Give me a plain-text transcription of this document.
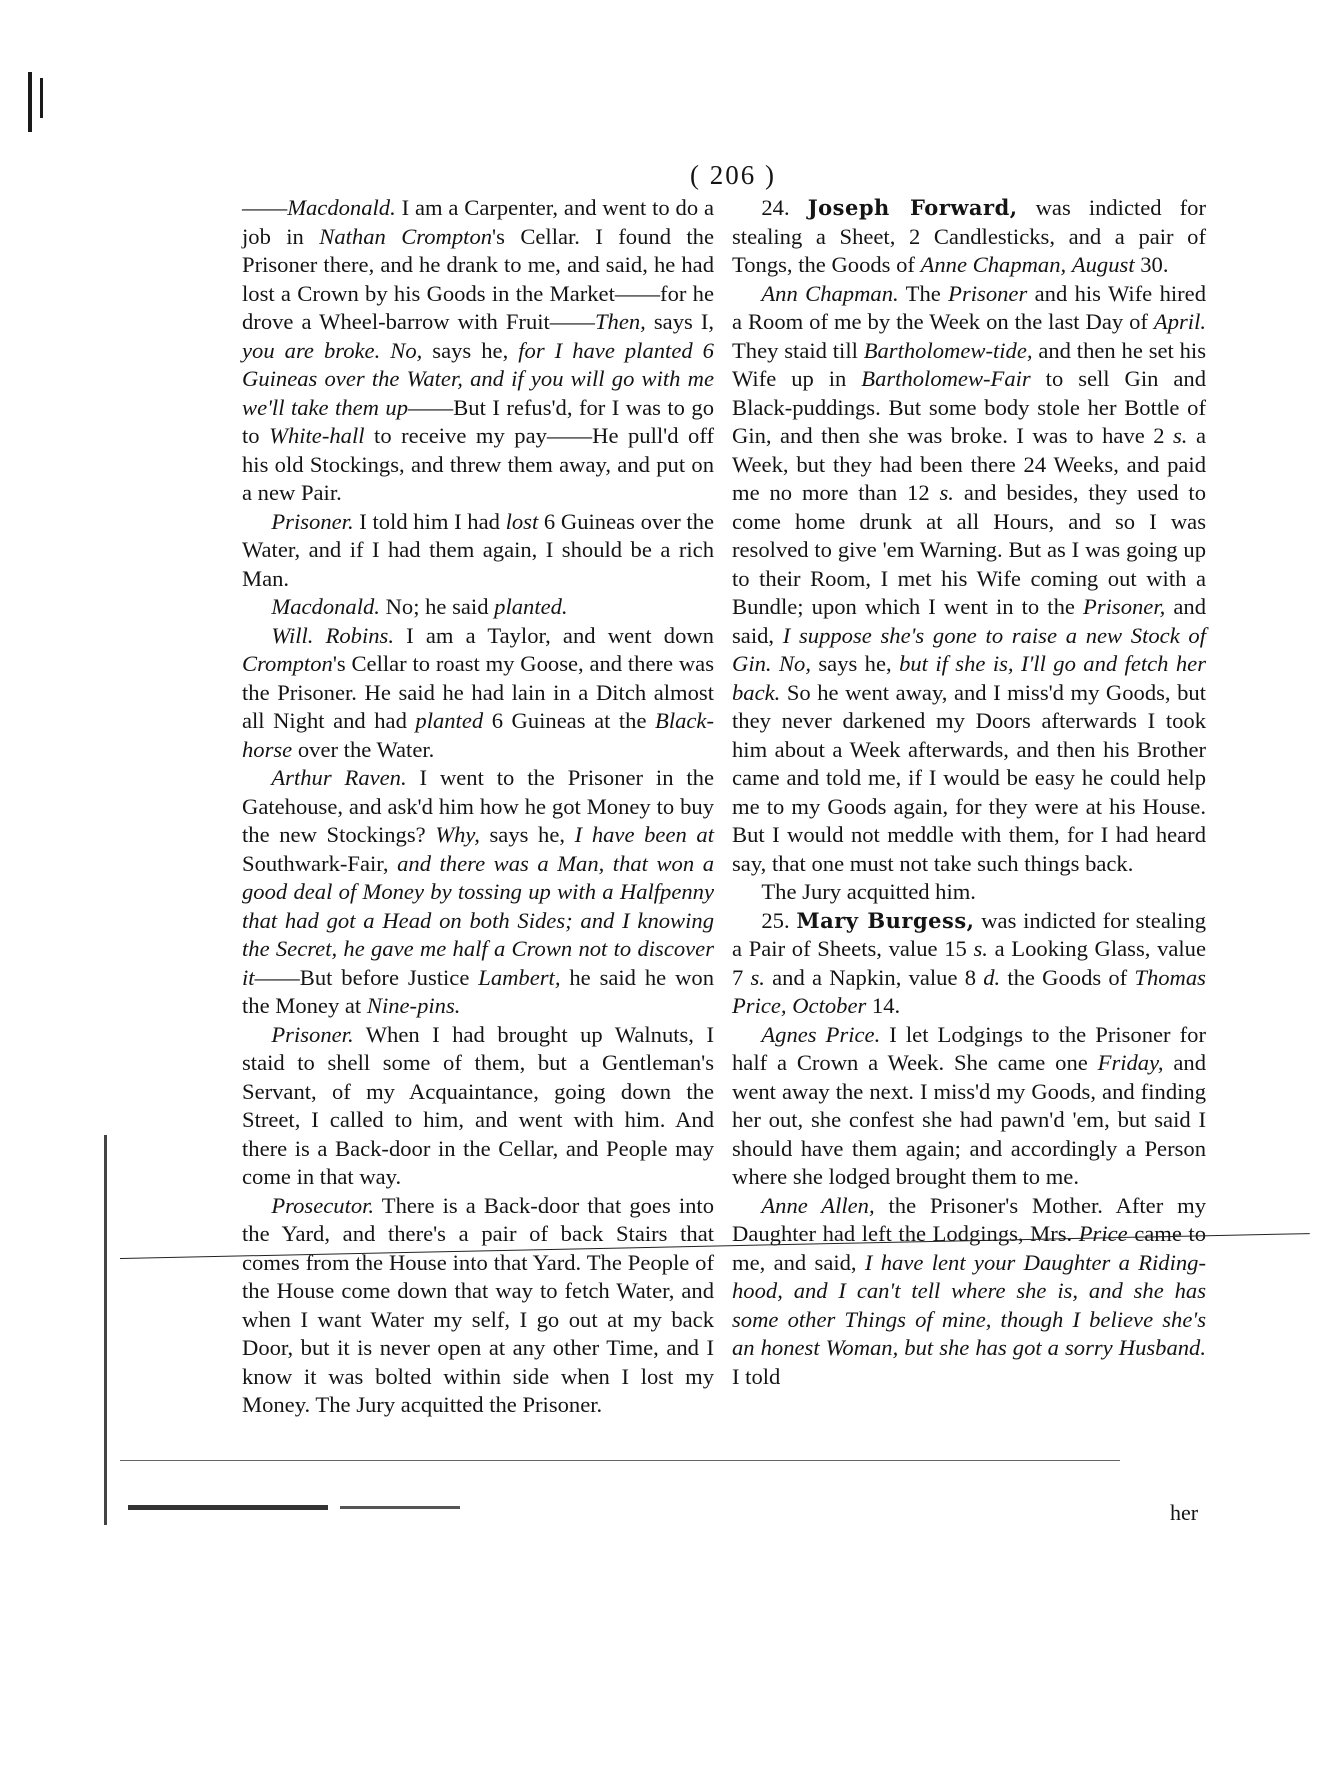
( 206 )

——Macdonald. I am a Carpenter, and went to do a job in Nathan Crompton's Cellar. I found the Prisoner there, and he drank to me, and said, he had lost a Crown by his Goods in the Market——for he drove a Wheel-barrow with Fruit——Then, says I, you are broke. No, says he, for I have planted 6 Guineas over the Water, and if you will go with me we'll take them up——But I refus'd, for I was to go to White-hall to receive my pay——He pull'd off his old Stockings, and threw them away, and put on a new Pair.

Prisoner. I told him I had lost 6 Guineas over the Water, and if I had them again, I should be a rich Man.

Macdonald. No; he said planted.

Will. Robins. I am a Taylor, and went down Crompton's Cellar to roast my Goose, and there was the Prisoner. He said he had lain in a Ditch almost all Night and had planted 6 Guineas at the Black-horse over the Water.

Arthur Raven. I went to the Prisoner in the Gatehouse, and ask'd him how he got Money to buy the new Stockings? Why, says he, I have been at Southwark-Fair, and there was a Man, that won a good deal of Money by tossing up with a Halfpenny that had got a Head on both Sides; and I knowing the Secret, he gave me half a Crown not to discover it——But before Justice Lambert, he said he won the Money at Nine-pins.

Prisoner. When I had brought up Walnuts, I staid to shell some of them, but a Gentleman's Servant, of my Acquaintance, going down the Street, I called to him, and went with him. And there is a Back-door in the Cellar, and People may come in that way.

Prosecutor. There is a Back-door that goes into the Yard, and there's a pair of back Stairs that comes from the House into that Yard. The People of the House come down that way to fetch Water, and when I want Water my self, I go out at my back Door, but it is never open at any other Time, and I know it was bolted within side when I lost my Money. The Jury acquitted the Prisoner.

24. Joseph Forward, was indicted for stealing a Sheet, 2 Candlesticks, and a pair of Tongs, the Goods of Anne Chapman, August 30.

Ann Chapman. The Prisoner and his Wife hired a Room of me by the Week on the last Day of April. They staid till Bartholomew-tide, and then he set his Wife up in Bartholomew-Fair to sell Gin and Black-puddings. But some body stole her Bottle of Gin, and then she was broke. I was to have 2 s. a Week, but they had been there 24 Weeks, and paid me no more than 12 s. and besides, they used to come home drunk at all Hours, and so I was resolved to give 'em Warning. But as I was going up to their Room, I met his Wife coming out with a Bundle; upon which I went in to the Prisoner, and said, I suppose she's gone to raise a new Stock of Gin. No, says he, but if she is, I'll go and fetch her back. So he went away, and I miss'd my Goods, but they never darkened my Doors afterwards I took him about a Week afterwards, and then his Brother came and told me, if I would be easy he could help me to my Goods again, for they were at his House. But I would not meddle with them, for I had heard say, that one must not take such things back.

The Jury acquitted him.

25. Mary Burgess, was indicted for stealing a Pair of Sheets, value 15 s. a Looking Glass, value 7 s. and a Napkin, value 8 d. the Goods of Thomas Price, October 14.

Agnes Price. I let Lodgings to the Prisoner for half a Crown a Week. She came one Friday, and went away the next. I miss'd my Goods, and finding her out, she confest she had pawn'd 'em, but said I should have them again; and accordingly a Person where she lodged brought them to me.

Anne Allen, the Prisoner's Mother. After my Daughter had left the Lodgings, Mrs. Price came to me, and said, I have lent your Daughter a Riding-hood, and I can't tell where she is, and she has some other Things of mine, though I believe she's an honest Woman, but she has got a sorry Husband. I told

her
